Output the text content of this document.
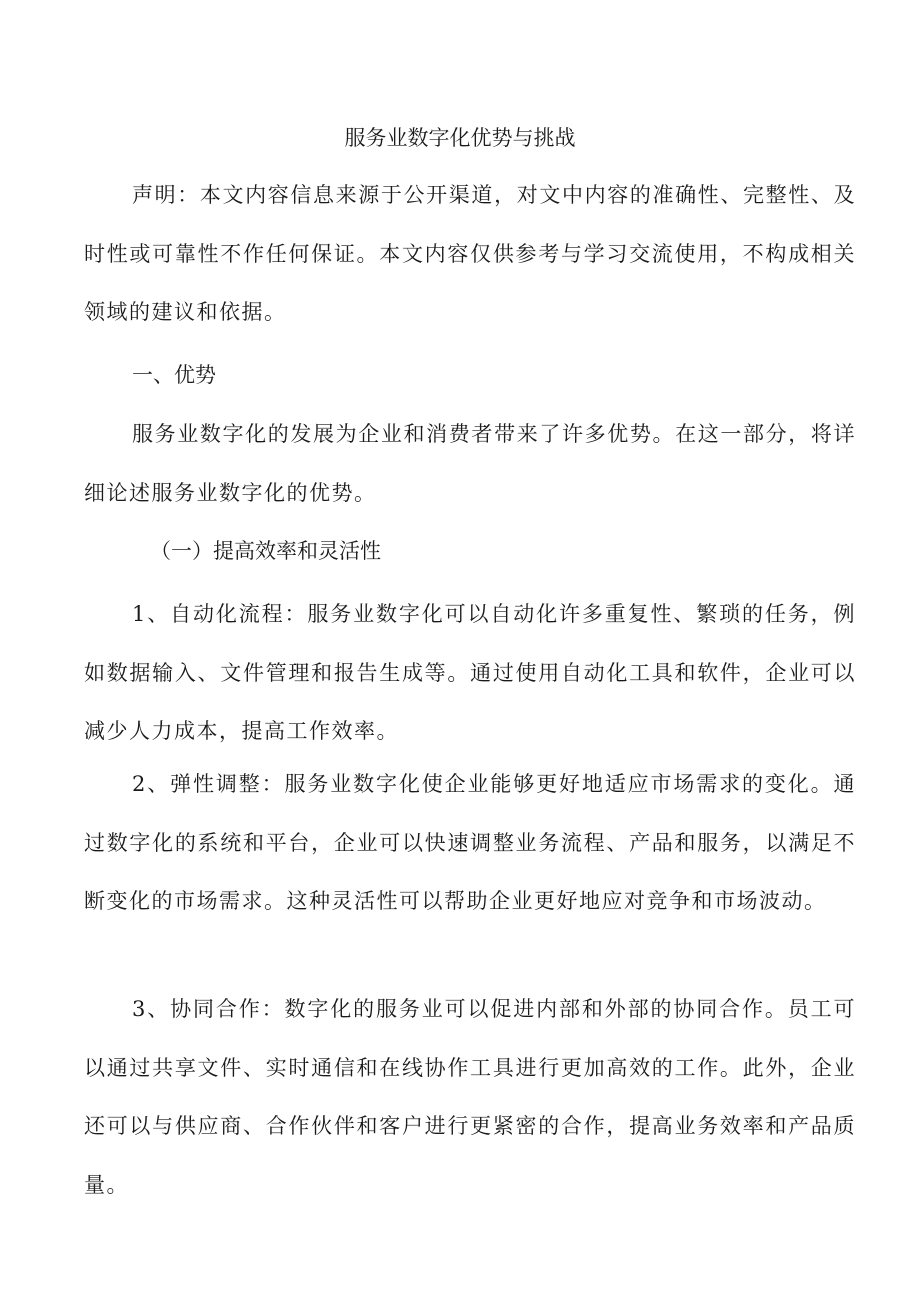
服务业数字化优势与挑战

声明：本文内容信息来源于公开渠道，对文中内容的准确性、完整性、及时性或可靠性不作任何保证。本文内容仅供参考与学习交流使用，不构成相关领域的建议和依据。

一、优势

服务业数字化的发展为企业和消费者带来了许多优势。在这一部分，将详细论述服务业数字化的优势。

（一）提高效率和灵活性

1、自动化流程：服务业数字化可以自动化许多重复性、繁琐的任务，例如数据输入、文件管理和报告生成等。通过使用自动化工具和软件，企业可以减少人力成本，提高工作效率。

2、弹性调整：服务业数字化使企业能够更好地适应市场需求的变化。通过数字化的系统和平台，企业可以快速调整业务流程、产品和服务，以满足不断变化的市场需求。这种灵活性可以帮助企业更好地应对竞争和市场波动。

3、协同合作：数字化的服务业可以促进内部和外部的协同合作。员工可以通过共享文件、实时通信和在线协作工具进行更加高效的工作。此外，企业还可以与供应商、合作伙伴和客户进行更紧密的合作，提高业务效率和产品质量。
